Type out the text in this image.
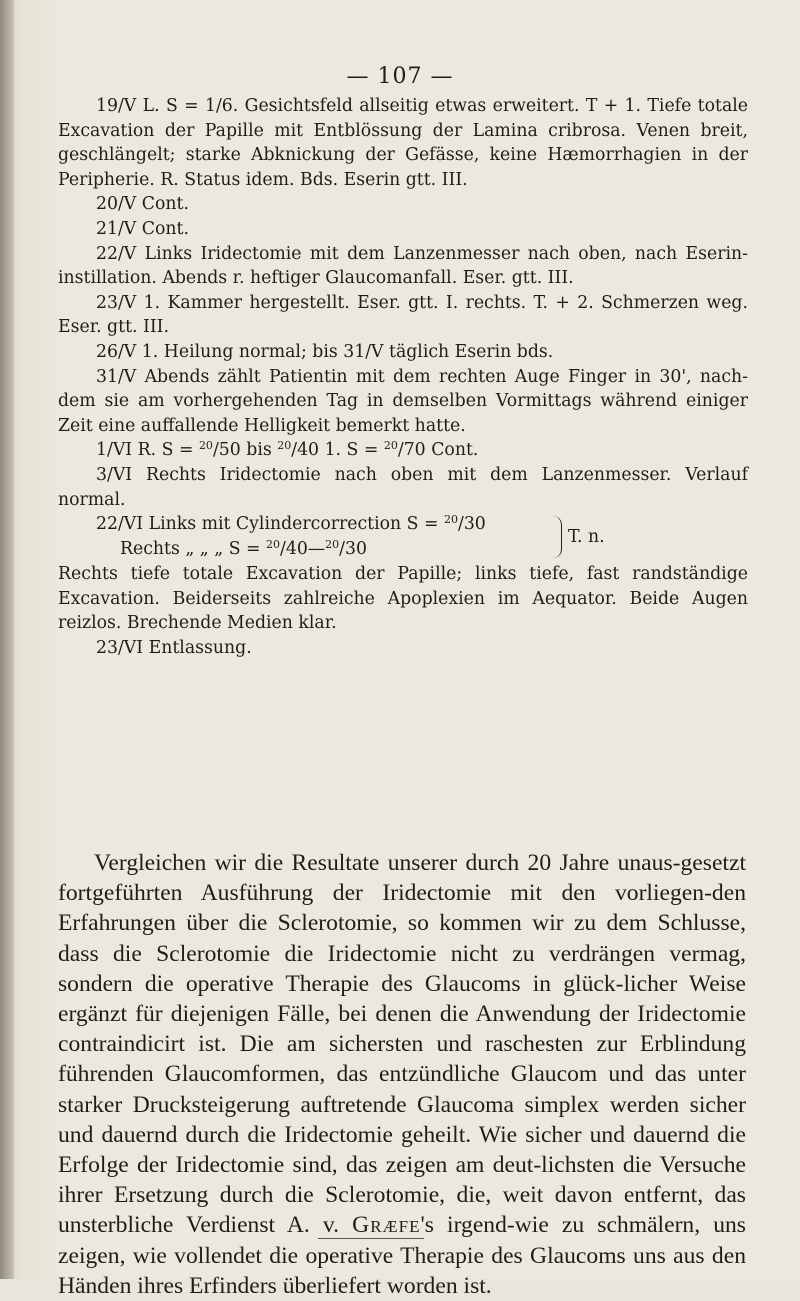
— 107 —

19/V L. S = 1/6. Gesichtsfeld allseitig etwas erweitert. T + 1. Tiefe totale Excavation der Papille mit Entblössung der Lamina cribrosa. Venen breit, geschlängelt; starke Abknickung der Gefässe, keine Hæmorrhagien in der Peripherie. R. Status idem. Bds. Eserin gtt. III.

20/V Cont.

21/V Cont.

22/V Links Iridectomie mit dem Lanzenmesser nach oben, nach Eserin-instillation. Abends r. heftiger Glaucomanfall. Eser. gtt. III.

23/V 1. Kammer hergestellt. Eser. gtt. I. rechts. T. + 2. Schmerzen weg. Eser. gtt. III.

26/V 1. Heilung normal; bis 31/V täglich Eserin bds.

31/V Abends zählt Patientin mit dem rechten Auge Finger in 30', nach-dem sie am vorhergehenden Tag in demselben Vormittags während einiger Zeit eine auffallende Helligkeit bemerkt hatte.

1/VI R. S = $^{20}$/50 bis $^{20}$/40 1. S = $^{20}$/70 Cont.

3/VI Rechts Iridectomie nach oben mit dem Lanzenmesser. Verlauf normal.

22/VI Links mit Cylindercorrection S = $^{20}$/30
Rechts „ „ „ S = $^{20}$/40—$^{20}$/30
T. n.

Rechts tiefe totale Excavation der Papille; links tiefe, fast randständige Excavation. Beiderseits zahlreiche Apoplexien im Aequator. Beide Augen reizlos. Brechende Medien klar.

23/VI Entlassung.

Vergleichen wir die Resultate unserer durch 20 Jahre unaus-gesetzt fortgeführten Ausführung der Iridectomie mit den vorliegen-den Erfahrungen über die Sclerotomie, so kommen wir zu dem Schlusse, dass die Sclerotomie die Iridectomie nicht zu verdrängen vermag, sondern die operative Therapie des Glaucoms in glück-licher Weise ergänzt für diejenigen Fälle, bei denen die Anwendung der Iridectomie contraindicirt ist. Die am sichersten und raschesten zur Erblindung führenden Glaucomformen, das entzündliche Glaucom und das unter starker Drucksteigerung auftretende Glaucoma simplex werden sicher und dauernd durch die Iridectomie geheilt. Wie sicher und dauernd die Erfolge der Iridectomie sind, das zeigen am deut-lichsten die Versuche ihrer Ersetzung durch die Sclerotomie, die, weit davon entfernt, das unsterbliche Verdienst A. v. Græfe's irgend-wie zu schmälern, uns zeigen, wie vollendet die operative Therapie des Glaucoms uns aus den Händen ihres Erfinders überliefert worden ist.
